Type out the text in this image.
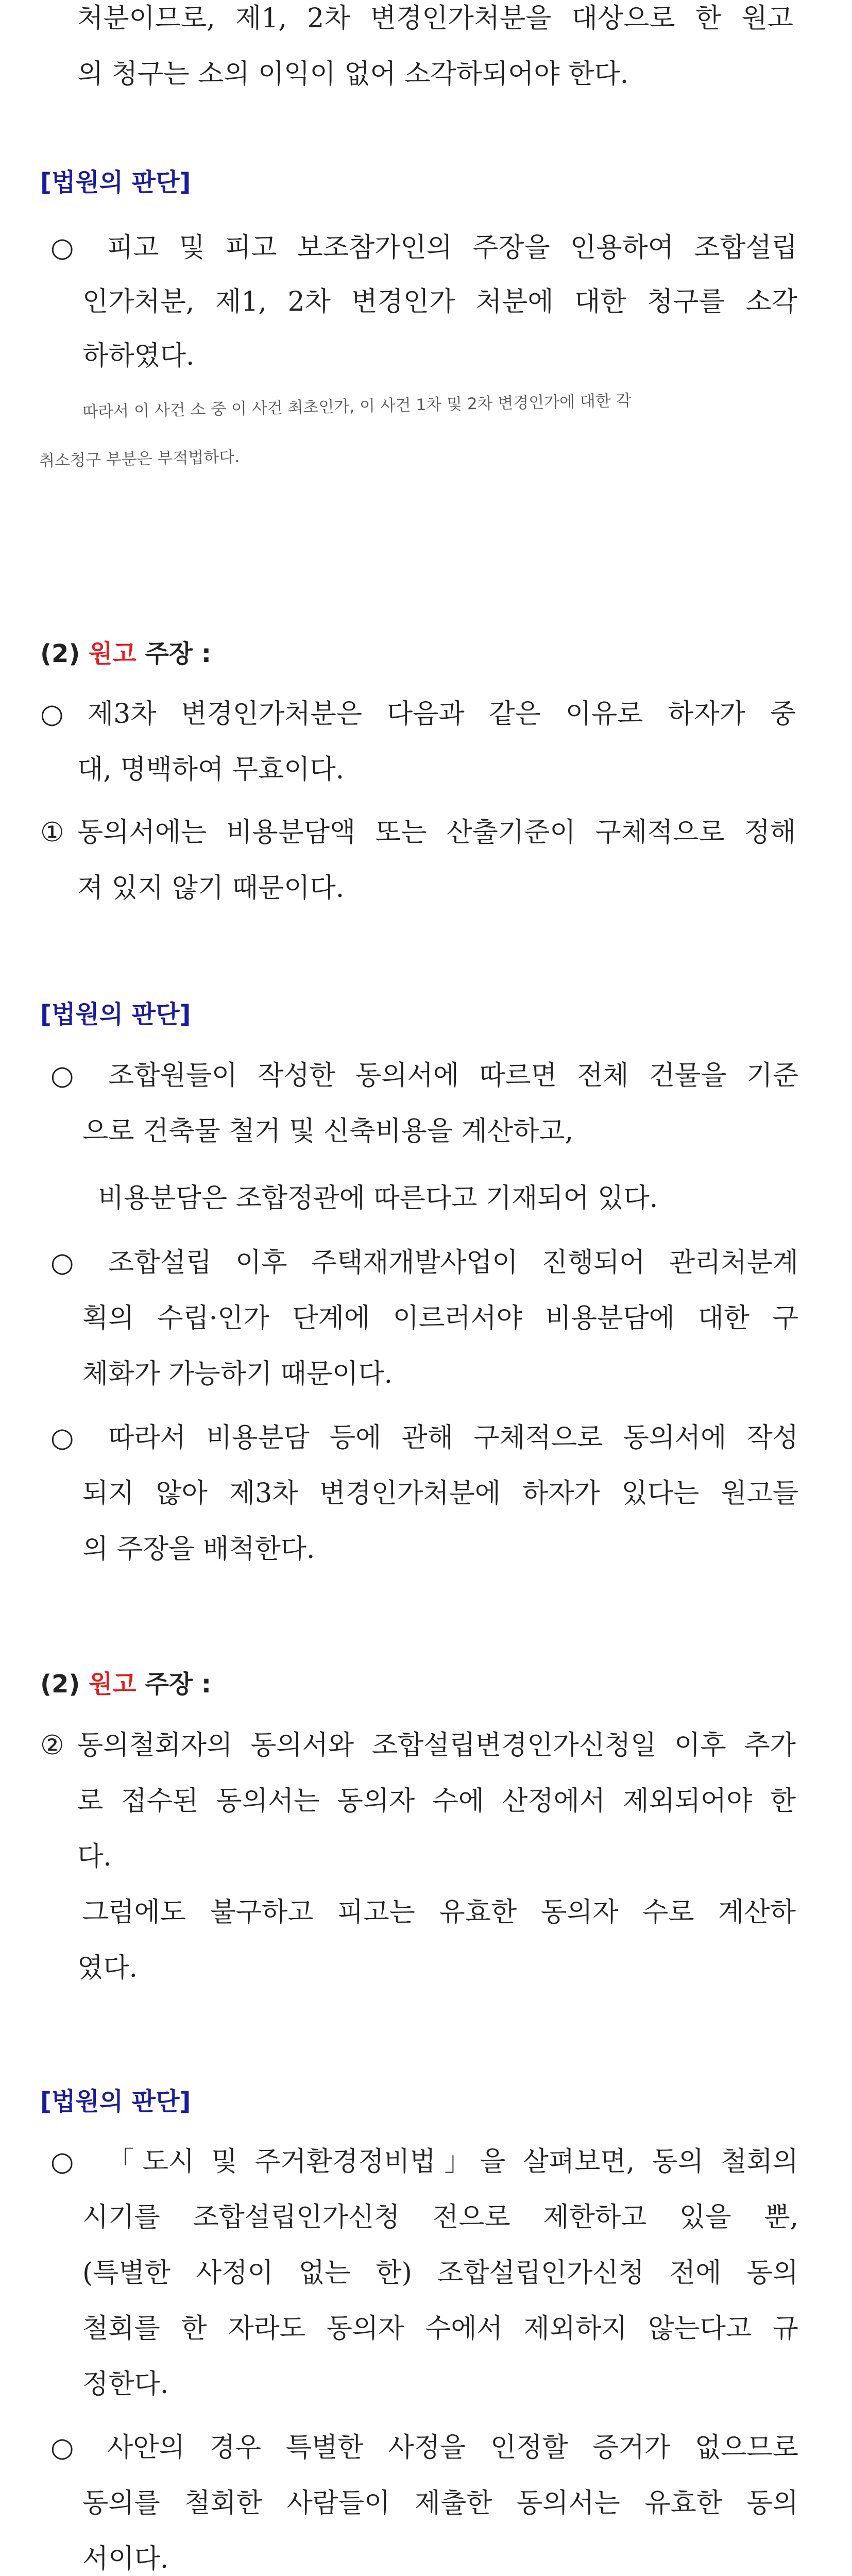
처분이므로, 제1, 2차 변경인가처분을 대상으로 한 원고
의 청구는 소의 이익이 없어 소각하되어야 한다.
[법원의 판단]
○ 피고 및 피고 보조참가인의 주장을 인용하여 조합설립
인가처분, 제1, 2차 변경인가 처분에 대한 청구를 소각
하하였다.
따라서 이 사건 소 중 이 사건 최초인가, 이 사건 1차 및 2차 변경인가에 대한 각
취소청구 부분은 부적법하다.
(2) 원고 주장 :
○ 제3차 변경인가처분은 다음과 같은 이유로 하자가 중
대, 명백하여 무효이다.
① 동의서에는 비용분담액 또는 산출기준이 구체적으로 정해
져 있지 않기 때문이다.
[법원의 판단]
○ 조합원들이 작성한 동의서에 따르면 전체 건물을 기준
으로 건축물 철거 및 신축비용을 계산하고,
비용분담은 조합정관에 따른다고 기재되어 있다.
○ 조합설립 이후 주택재개발사업이 진행되어 관리처분계
획의 수립·인가 단계에 이르러서야 비용분담에 대한 구
체화가 가능하기 때문이다.
○ 따라서 비용분담 등에 관해 구체적으로 동의서에 작성
되지 않아 제3차 변경인가처분에 하자가 있다는 원고들
의 주장을 배척한다.
(2) 원고 주장 :
② 동의철회자의 동의서와 조합설립변경인가신청일 이후 추가
로 접수된 동의서는 동의자 수에 산정에서 제외되어야 한
다.
그럼에도 불구하고 피고는 유효한 동의자 수로 계산하
였다.
[법원의 판단]
○ 「도시 및 주거환경정비법」을 살펴보면, 동의 철회의
시기를 조합설립인가신청 전으로 제한하고 있을 뿐,
(특별한 사정이 없는 한) 조합설립인가신청 전에 동의
철회를 한 자라도 동의자 수에서 제외하지 않는다고 규
정한다.
○ 사안의 경우 특별한 사정을 인정할 증거가 없으므로
동의를 철회한 사람들이 제출한 동의서는 유효한 동의
서이다.
